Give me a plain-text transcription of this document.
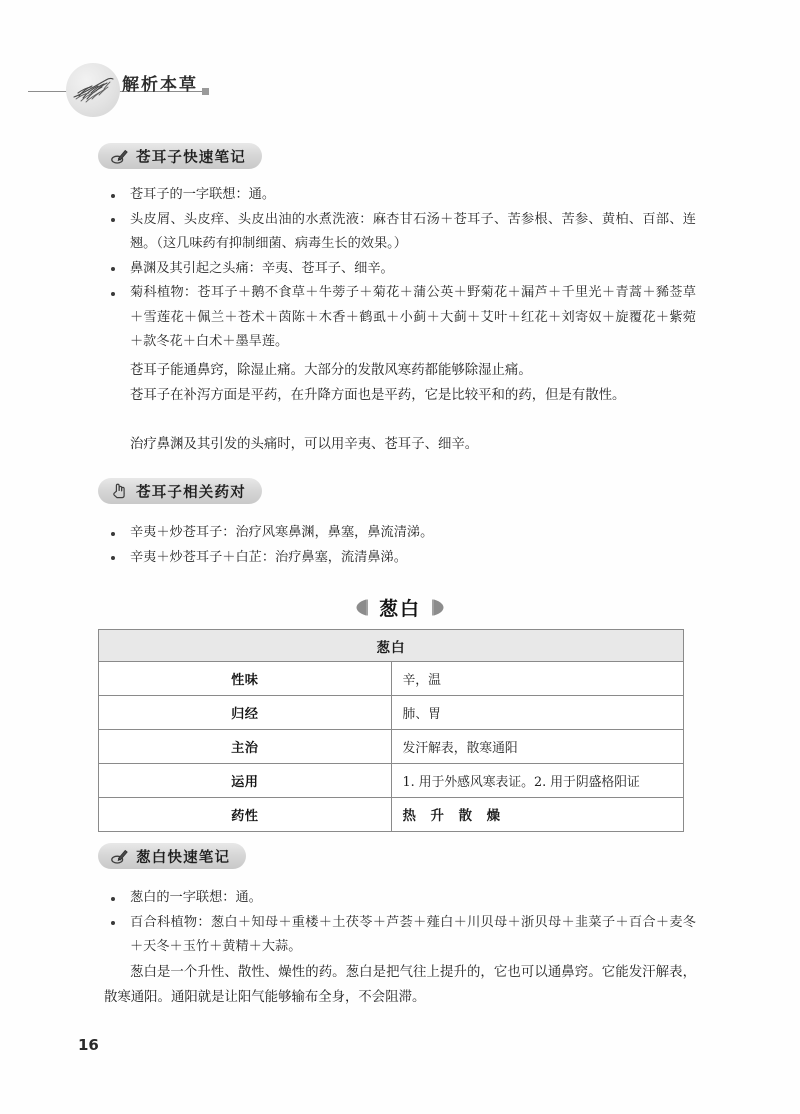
解析本草
苍耳子快速笔记
苍耳子的一字联想：通。
头皮屑、头皮痒、头皮出油的水煮洗液：麻杏甘石汤＋苍耳子、苦参根、苦参、黄柏、百部、连翘。（这几味药有抑制细菌、病毒生长的效果。）
鼻渊及其引起之头痛：辛夷、苍耳子、细辛。
菊科植物：苍耳子＋鹅不食草＋牛蒡子＋菊花＋蒲公英＋野菊花＋漏芦＋千里光＋青蒿＋豨莶草＋雪莲花＋佩兰＋苍术＋茵陈＋木香＋鹤虱＋小蓟＋大蓟＋艾叶＋红花＋刘寄奴＋旋覆花＋紫菀＋款冬花＋白术＋墨旱莲。

苍耳子能通鼻窍，除湿止痛。大部分的发散风寒药都能够除湿止痛。

苍耳子在补泻方面是平药，在升降方面也是平药，它是比较平和的药，但是有散性。

治疗鼻渊及其引发的头痛时，可以用辛夷、苍耳子、细辛。

苍耳子相关药对
辛夷＋炒苍耳子：治疗风寒鼻渊，鼻塞，鼻流清涕。
辛夷＋炒苍耳子＋白芷：治疗鼻塞，流清鼻涕。
葱白
葱白	
性味	辛，温
归经	肺、胃
主治	发汗解表，散寒通阳
运用	1. 用于外感风寒表证。2. 用于阴盛格阳证
药性	热 升 散 燥
葱白快速笔记
葱白的一字联想：通。
百合科植物：葱白＋知母＋重楼＋土茯苓＋芦荟＋薤白＋川贝母＋浙贝母＋韭菜子＋百合＋麦冬＋天冬＋玉竹＋黄精＋大蒜。

葱白是一个升性、散性、燥性的药。葱白是把气往上提升的，它也可以通鼻窍。它能发汗解表，散寒通阳。通阳就是让阳气能够输布全身，不会阻滞。

16
